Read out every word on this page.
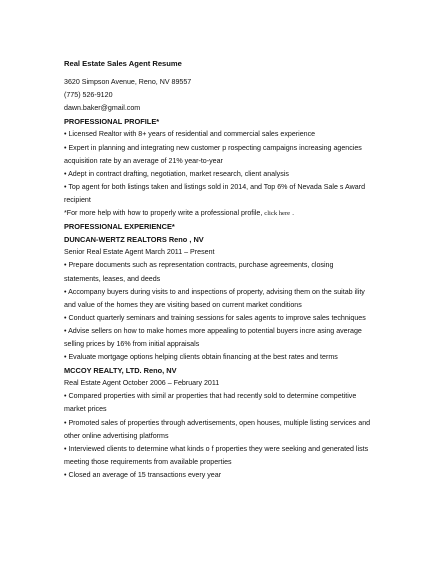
Real Estate Sales Agent Resume
3620 Simpson Avenue, Reno, NV 89557
(775) 526-9120
dawn.baker@gmail.com
PROFESSIONAL PROFILE*
• Licensed Realtor with 8+ years of residential and commercial sales experience
• Expert in planning and integrating new customer p rospecting campaigns increasing agencies
acquisition rate by an average of 21% year-to-year
• Adept in contract drafting, negotiation, market research, client analysis
• Top agent for both listings taken and listings sold in 2014, and Top 6% of Nevada Sale s Award
recipient
*For more help with how to properly write a professional profile, click here .
PROFESSIONAL EXPERIENCE*
DUNCAN-WERTZ REALTORS Reno , NV
Senior Real Estate Agent March 2011 – Present
• Prepare documents such as representation contracts, purchase agreements, closing
statements, leases, and deeds
• Accompany buyers during visits to and inspections of property, advising them on the suitab ility
and value of the homes they are visiting based on current market conditions
• Conduct quarterly seminars and training sessions for sales agents to improve sales techniques
• Advise sellers on how to make homes more appealing to potential buyers incre asing average
selling prices by 16% from initial appraisals
• Evaluate mortgage options helping clients obtain financing at the best rates and terms
MCCOY REALTY, LTD. Reno, NV
Real Estate Agent October 2006 – February 2011
• Compared properties with simil ar properties that had recently sold to determine competitive
market prices
• Promoted sales of properties through advertisements, open houses, multiple listing services and
other online advertising platforms
• Interviewed clients to determine what kinds o f properties they were seeking and generated lists
meeting those requirements from available properties
• Closed an average of 15 transactions every year
